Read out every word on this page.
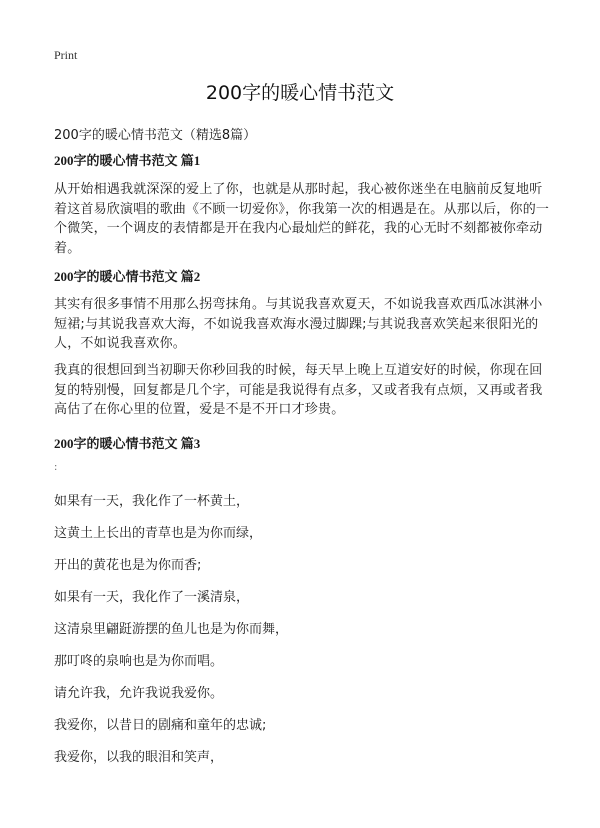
Print
200字的暖心情书范文

200字的暖心情书范文（精选8篇）

200字的暖心情书范文 篇1

从开始相遇我就深深的爱上了你，也就是从那时起，我心被你迷坐在电脑前反复地听着这首易欣演唱的歌曲《不顾一切爱你》，你我第一次的相遇是在。从那以后，你的一个微笑，一个调皮的表情都是开在我内心最灿烂的鲜花，我的心无时不刻都被你牵动着。

200字的暖心情书范文 篇2

其实有很多事情不用那么拐弯抹角。与其说我喜欢夏天，不如说我喜欢西瓜冰淇淋小短裙;与其说我喜欢大海，不如说我喜欢海水漫过脚踝;与其说我喜欢笑起来很阳光的人，不如说我喜欢你。

我真的很想回到当初聊天你秒回我的时候，每天早上晚上互道安好的时候，你现在回复的特别慢，回复都是几个字，可能是我说得有点多，又或者我有点烦，又再或者我高估了在你心里的位置，爱是不是不开口才珍贵。

200字的暖心情书范文 篇3

:

如果有一天，我化作了一杯黄土，

这黄土上长出的青草也是为你而绿，

开出的黄花也是为你而香;

如果有一天，我化作了一溪清泉，

这清泉里翩跹游摆的鱼儿也是为你而舞，

那叮咚的泉响也是为你而唱。

请允许我，允许我说我爱你。

我爱你，以昔日的剧痛和童年的忠诚;

我爱你，以我的眼泪和笑声，
